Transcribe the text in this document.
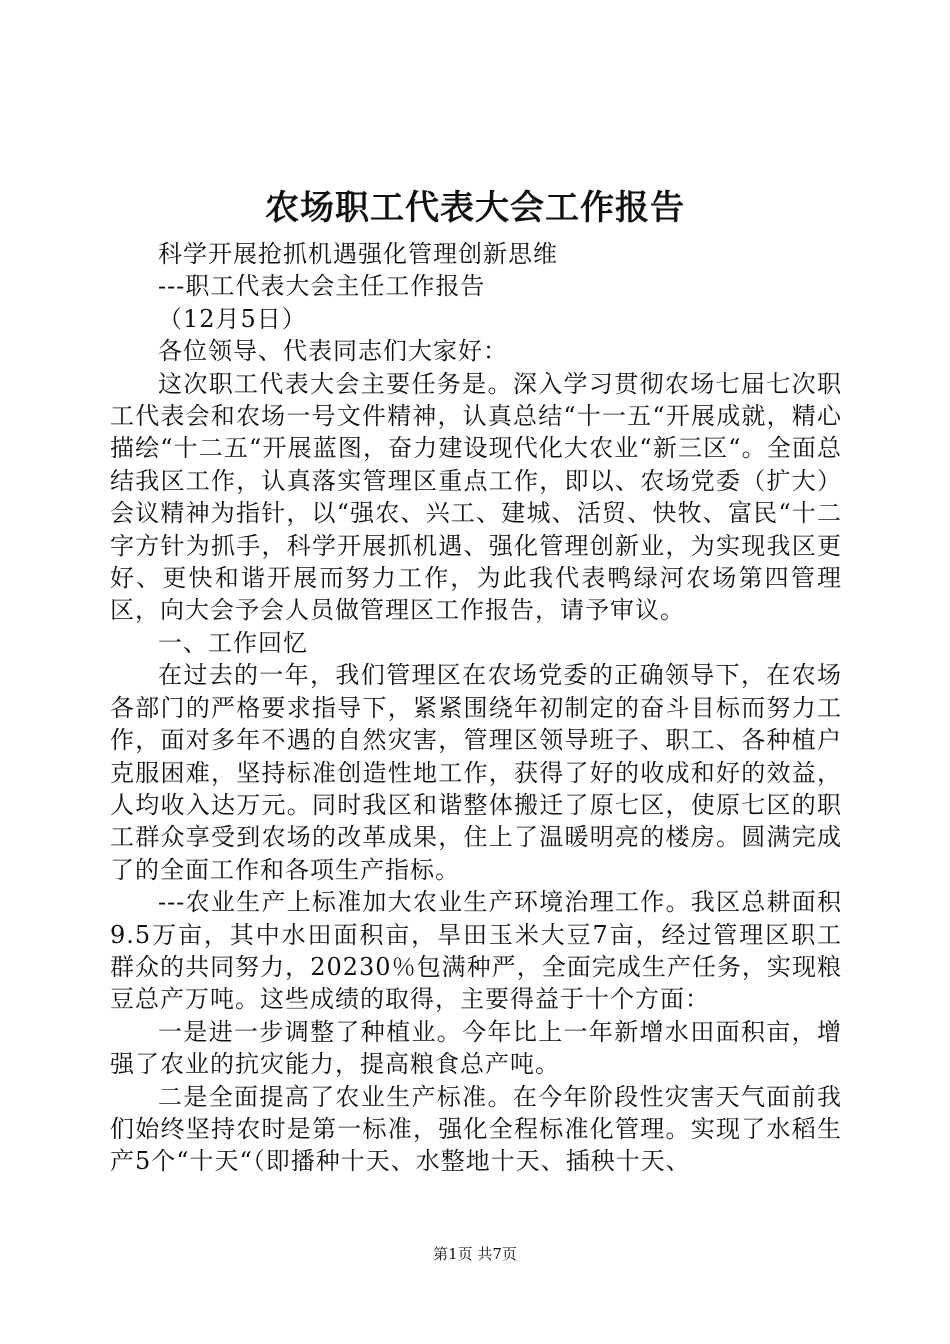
农场职工代表大会工作报告

科学开展抢抓机遇强化管理创新思维

---职工代表大会主任工作报告

（12月5日）

各位领导、代表同志们大家好：

这次职工代表大会主要任务是。深入学习贯彻农场七届七次职工代表会和农场一号文件精神，认真总结“十一五“开展成就，精心描绘“十二五“开展蓝图，奋力建设现代化大农业“新三区“。全面总结我区工作，认真落实管理区重点工作，即以、农场党委（扩大）会议精神为指针，以“强农、兴工、建城、活贸、快牧、富民“十二字方针为抓手，科学开展抓机遇、强化管理创新业，为实现我区更好、更快和谐开展而努力工作，为此我代表鸭绿河农场第四管理区，向大会予会人员做管理区工作报告，请予审议。

一、工作回忆

在过去的一年，我们管理区在农场党委的正确领导下，在农场各部门的严格要求指导下，紧紧围绕年初制定的奋斗目标而努力工作，面对多年不遇的自然灾害，管理区领导班子、职工、各种植户克服困难，坚持标准创造性地工作，获得了好的收成和好的效益，人均收入达万元。同时我区和谐整体搬迁了原七区，使原七区的职工群众享受到农场的改革成果，住上了温暖明亮的楼房。圆满完成了的全面工作和各项生产指标。

---农业生产上标准加大农业生产环境治理工作。我区总耕面积9.5万亩，其中水田面积亩，旱田玉米大豆7亩，经过管理区职工群众的共同努力，20230％包满种严，全面完成生产任务，实现粮豆总产万吨。这些成绩的取得，主要得益于十个方面：

一是进一步调整了种植业。今年比上一年新增水田面积亩，增强了农业的抗灾能力，提高粮食总产吨。

二是全面提高了农业生产标准。在今年阶段性灾害天气面前我们始终坚持农时是第一标准，强化全程标准化管理。实现了水稻生产5个“十天“（即播种十天、水整地十天、插秧十天、

第1页 共7页
